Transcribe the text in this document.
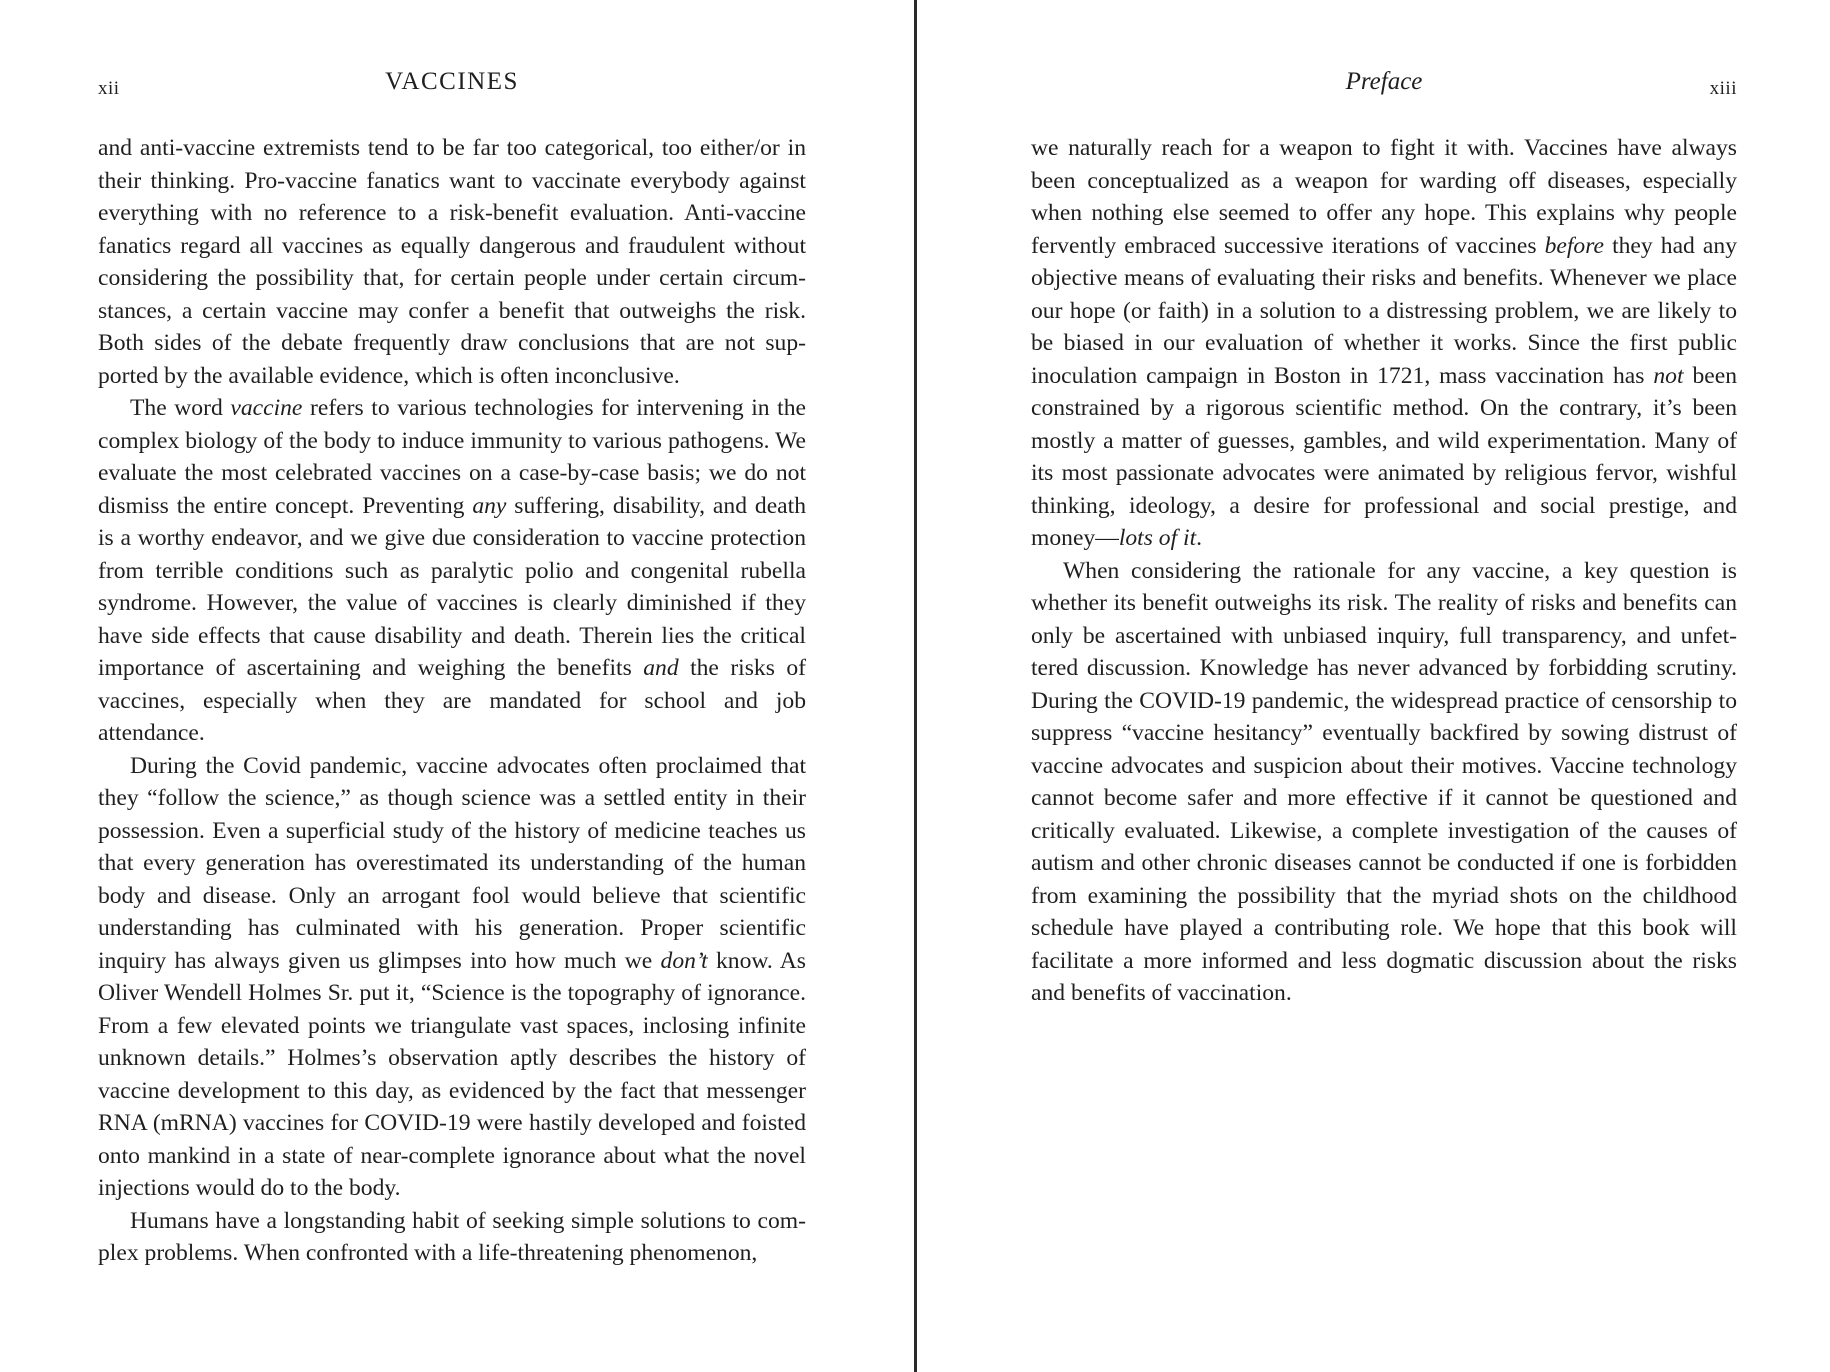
xii	VACCINES

and anti-vaccine extremists tend to be far too categorical, too either/or in their thinking. Pro-vaccine fanatics want to vaccinate everybody against everything with no reference to a risk-benefit evaluation. Anti-vaccine fanatics regard all vaccines as equally dangerous and fraudulent without considering the possibility that, for certain people under certain circumstances, a certain vaccine may confer a benefit that outweighs the risk. Both sides of the debate frequently draw conclusions that are not supported by the available evidence, which is often inconclusive.

The word vaccine refers to various technologies for intervening in the complex biology of the body to induce immunity to various pathogens. We evaluate the most celebrated vaccines on a case-by-case basis; we do not dismiss the entire concept. Preventing any suffering, disability, and death is a worthy endeavor, and we give due consideration to vaccine protection from terrible conditions such as paralytic polio and congenital rubella syndrome. However, the value of vaccines is clearly diminished if they have side effects that cause disability and death. Therein lies the critical importance of ascertaining and weighing the benefits and the risks of vaccines, especially when they are mandated for school and job attendance.

During the Covid pandemic, vaccine advocates often proclaimed that they “follow the science,” as though science was a settled entity in their possession. Even a superficial study of the history of medicine teaches us that every generation has overestimated its understanding of the human body and disease. Only an arrogant fool would believe that scientific understanding has culminated with his generation. Proper scientific inquiry has always given us glimpses into how much we don’t know. As Oliver Wendell Holmes Sr. put it, “Science is the topography of ignorance. From a few elevated points we triangulate vast spaces, inclosing infinite unknown details.” Holmes’s observation aptly describes the history of vaccine development to this day, as evidenced by the fact that messenger RNA (mRNA) vaccines for COVID-19 were hastily developed and foisted onto mankind in a state of near-complete ignorance about what the novel injections would do to the body.

Humans have a longstanding habit of seeking simple solutions to complex problems. When confronted with a life-threatening phenomenon,

Preface	xiii

we naturally reach for a weapon to fight it with. Vaccines have always been conceptualized as a weapon for warding off diseases, especially when nothing else seemed to offer any hope. This explains why people fervently embraced successive iterations of vaccines before they had any objective means of evaluating their risks and benefits. Whenever we place our hope (or faith) in a solution to a distressing problem, we are likely to be biased in our evaluation of whether it works. Since the first public inoculation campaign in Boston in 1721, mass vaccination has not been constrained by a rigorous scientific method. On the contrary, it’s been mostly a matter of guesses, gambles, and wild experimentation. Many of its most passionate advocates were animated by religious fervor, wishful thinking, ideology, a desire for professional and social prestige, and money—lots of it.

When considering the rationale for any vaccine, a key question is whether its benefit outweighs its risk. The reality of risks and benefits can only be ascertained with unbiased inquiry, full transparency, and unfettered discussion. Knowledge has never advanced by forbidding scrutiny. During the COVID-19 pandemic, the widespread practice of censorship to suppress “vaccine hesitancy” eventually backfired by sowing distrust of vaccine advocates and suspicion about their motives. Vaccine technology cannot become safer and more effective if it cannot be questioned and critically evaluated. Likewise, a complete investigation of the causes of autism and other chronic diseases cannot be conducted if one is forbidden from examining the possibility that the myriad shots on the childhood schedule have played a contributing role. We hope that this book will facilitate a more informed and less dogmatic discussion about the risks and benefits of vaccination.
